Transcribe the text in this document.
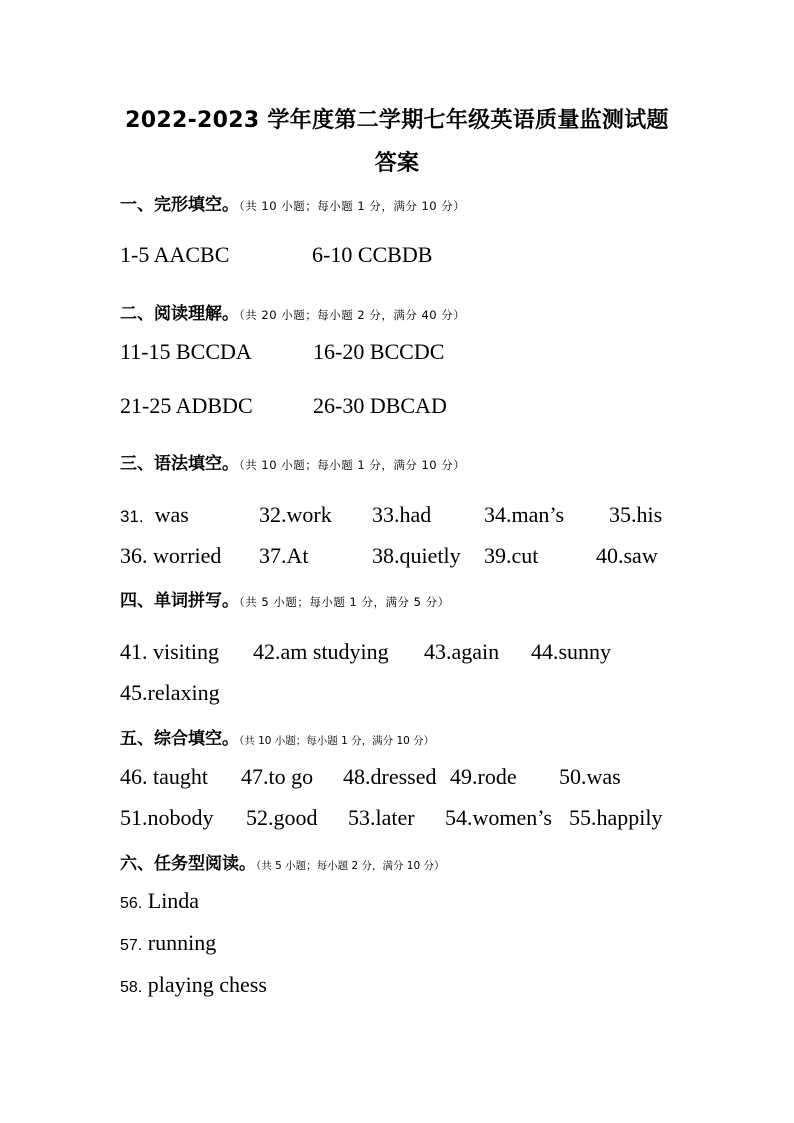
2022-2023 学年度第二学期七年级英语质量监测试题
答案
一、完形填空。（共 10 小题；每小题 1 分，满分 10 分）
1-5 AACBC	6-10 CCBDB
二、阅读理解。（共 20 小题；每小题 2 分，满分 40 分）
11-15 BCCDA	16-20 BCCDC
21-25 ADBDC	26-30 DBCAD
三、语法填空。（共 10 小题；每小题 1 分，满分 10 分）
31. was	32.work 33.had 34.man’s 35.his
36. worried 37.At	38.quietly 39.cut	40.saw
四、单词拼写。（共 5 小题；每小题 1 分，满分 5 分）
41. visiting 42.am studying 43.again 44.sunny
45.relaxing
五、综合填空。（共 10 小题；每小题 1 分，满分 10 分）
46. taught 47.to go 48.dressed 49.rode 50.was
51.nobody 52.good 53.later 54.women’s 55.happily
六、任务型阅读。（共 5 小题；每小题 2 分，满分 10 分）
56. Linda
57. running
58. playing chess
